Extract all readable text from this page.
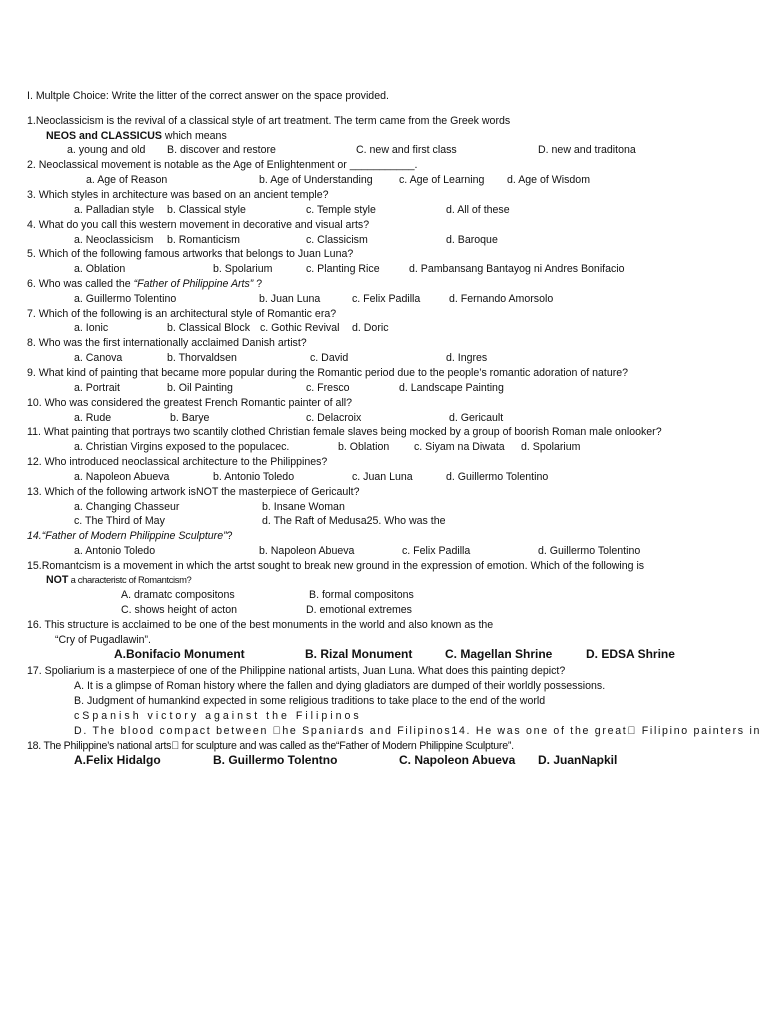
I. Multple Choice: Write the litter of the correct answer on the space provided.
1.Neoclassicism is the revival of a classical style of art treatment. The term came from the Greek words
NEOS and CLASSICUS which means
a. young and old B. discover and restore	C. new and first class	D. new and traditona
2. Neoclassical movement is notable as the Age of Enlightenment or ___________.
a. Age of Reason	b. Age of Understanding c. Age of Learning d. Age of Wisdom
3. Which styles in architecture was based on an ancient temple?
a. Palladian style b. Classical style	c. Temple style	d. All of these
4. What do you call this western movement in decorative and visual arts?
a. Neoclassicism b. Romanticism	c. Classicism	d. Baroque
5. Which of the following famous artworks that belongs to Juan Luna?
a. Oblation	b. Spolarium	c. Planting Rice	d. Pambansang Bantayog ni Andres Bonifacio
6. Who was called the “Father of Philippine Arts” ?
a. Guillermo Tolentino	b. Juan Luna	c. Felix Padilla	d. Fernando Amorsolo
7. Which of the following is an architectural style of Romantic era?
a. Ionic	b. Classical Block c. Gothic Revival d. Doric
8. Who was the first internationally acclaimed Danish artist?
a. Canova	b. Thorvaldsen	c. David	d. Ingres
9. What kind of painting that became more popular during the Romantic period due to the people’s romantic adoration of nature?
a. Portrait	b. Oil Painting	c. Fresco	d. Landscape Painting
10. Who was considered the greatest French Romantic painter of all?
a. Rude	b. Barye	c. Delacroix	d. Gericault
11. What painting that portrays two scantily clothed Christian female slaves being mocked by a group of boorish Roman male onlooker?
a. Christian Virgins exposed to the populacec.	b. Oblation c. Siyam na Diwata d. Spolarium
12. Who introduced neoclassical architecture to the Philippines?
a. Napoleon Abueva	b. Antonio Toledo	c. Juan Luna	d. Guillermo Tolentino
13. Which of the following artwork isNOT the masterpiece of Gericault?
a. Changing Chasseur	b. Insane Woman
c. The Third of May	d. The Raft of Medusa25. Who was the
14.“Father of Modern Philippine Sculpture”?
a. Antonio Toledo	b. Napoleon Abueva	c. Felix Padilla	d. Guillermo Tolentino
15.Romantcism is a movement in which the artst sought to break new ground in the expression of emotion. Which of the following is
NOT a characteristc of Romantcism?
A. dramatc compositons	B. formal compositons
C. shows height of acton	D. emotional extremes
16. This structure is acclaimed to be one of the best monuments in the world and also known as the
“Cry of Pugadlawin”.
A.Bonifacio Monument	B. Rizal Monument	C. Magellan Shrine	D. EDSA Shrine
17. Spoliarium is a masterpiece of one of the Philippine national artists, Juan Luna. What does this painting depict?
A. It is a glimpse of Roman history where the fallen and dying gladiators are dumped of their worldly possessions.
B. Judgment of humankind expected in some religious traditions to take place to the end of the world
cSpanish victory against the Filipinos
D. The blood compact between  he Spaniards and Filipinos14. He was one of the great  Filipino painters in
18. The Philippine’s national arts  for sculpture and was called as the“Father of Modern Philippine Sculpture”.
A.Felix Hidalgo	B. Guillermo Tolentno	C. Napoleon Abueva D. JuanNapkil
